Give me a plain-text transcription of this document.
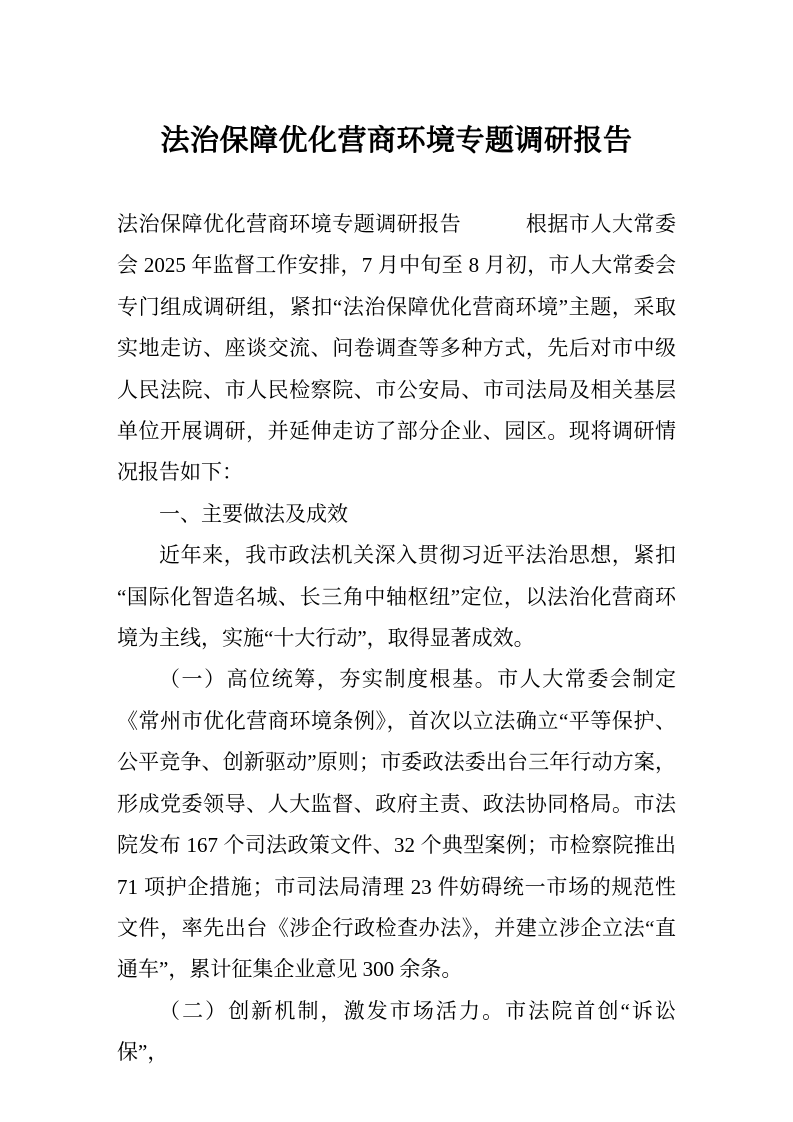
法治保障优化营商环境专题调研报告

法治保障优化营商环境专题调研报告　　　根据市人大常委会 2025 年监督工作安排，7 月中旬至 8 月初，市人大常委会专门组成调研组，紧扣“法治保障优化营商环境”主题，采取实地走访、座谈交流、问卷调查等多种方式，先后对市中级人民法院、市人民检察院、市公安局、市司法局及相关基层单位开展调研，并延伸走访了部分企业、园区。现将调研情况报告如下：

一、主要做法及成效

近年来，我市政法机关深入贯彻习近平法治思想，紧扣“国际化智造名城、长三角中轴枢纽”定位，以法治化营商环境为主线，实施“十大行动”，取得显著成效。

（一）高位统筹，夯实制度根基。市人大常委会制定《常州市优化营商环境条例》，首次以立法确立“平等保护、公平竞争、创新驱动”原则；市委政法委出台三年行动方案，形成党委领导、人大监督、政府主责、政法协同格局。市法院发布 167 个司法政策文件、32 个典型案例；市检察院推出 71 项护企措施；市司法局清理 23 件妨碍统一市场的规范性文件，率先出台《涉企行政检查办法》，并建立涉企立法“直通车”，累计征集企业意见 300 余条。

（二）创新机制，激发市场活力。市法院首创“诉讼保”，
